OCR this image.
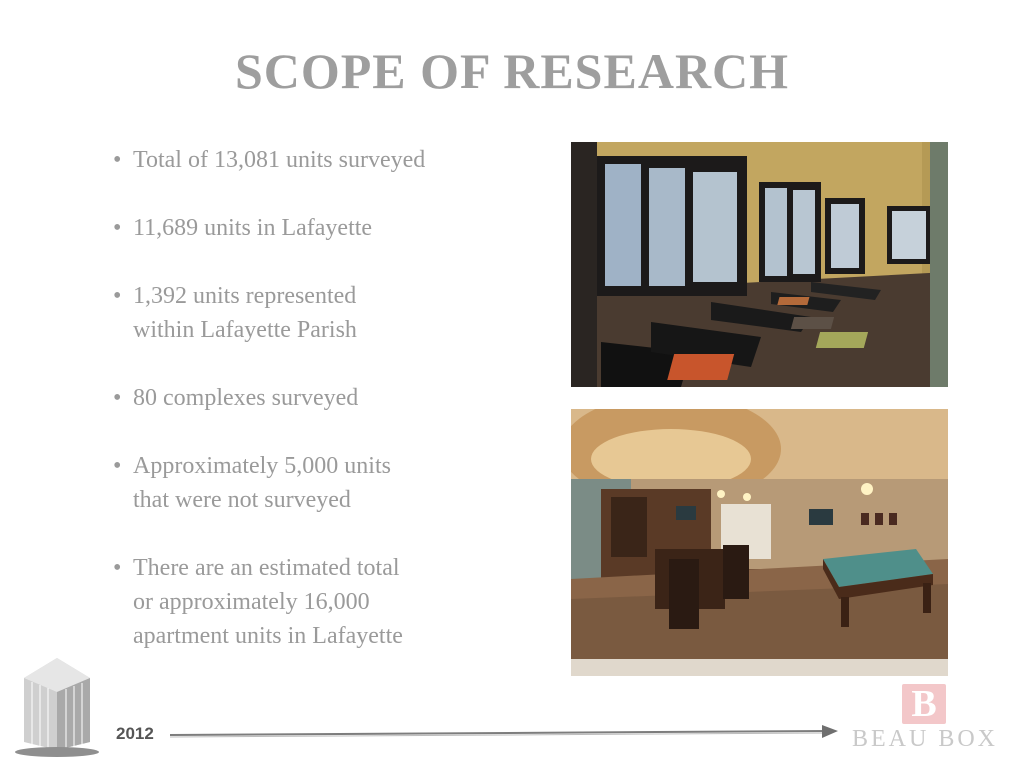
SCOPE OF RESEARCH
• Total of 13,081 units surveyed
• 11,689 units in Lafayette
• 1,392 units represented
within Lafayette Parish
• 80 complexes surveyed
• Approximately 5,000 units
that were not surveyed
• There are an estimated total
or approximately 16,000
apartment units in Lafayette
2012
B
BEAU BOX
